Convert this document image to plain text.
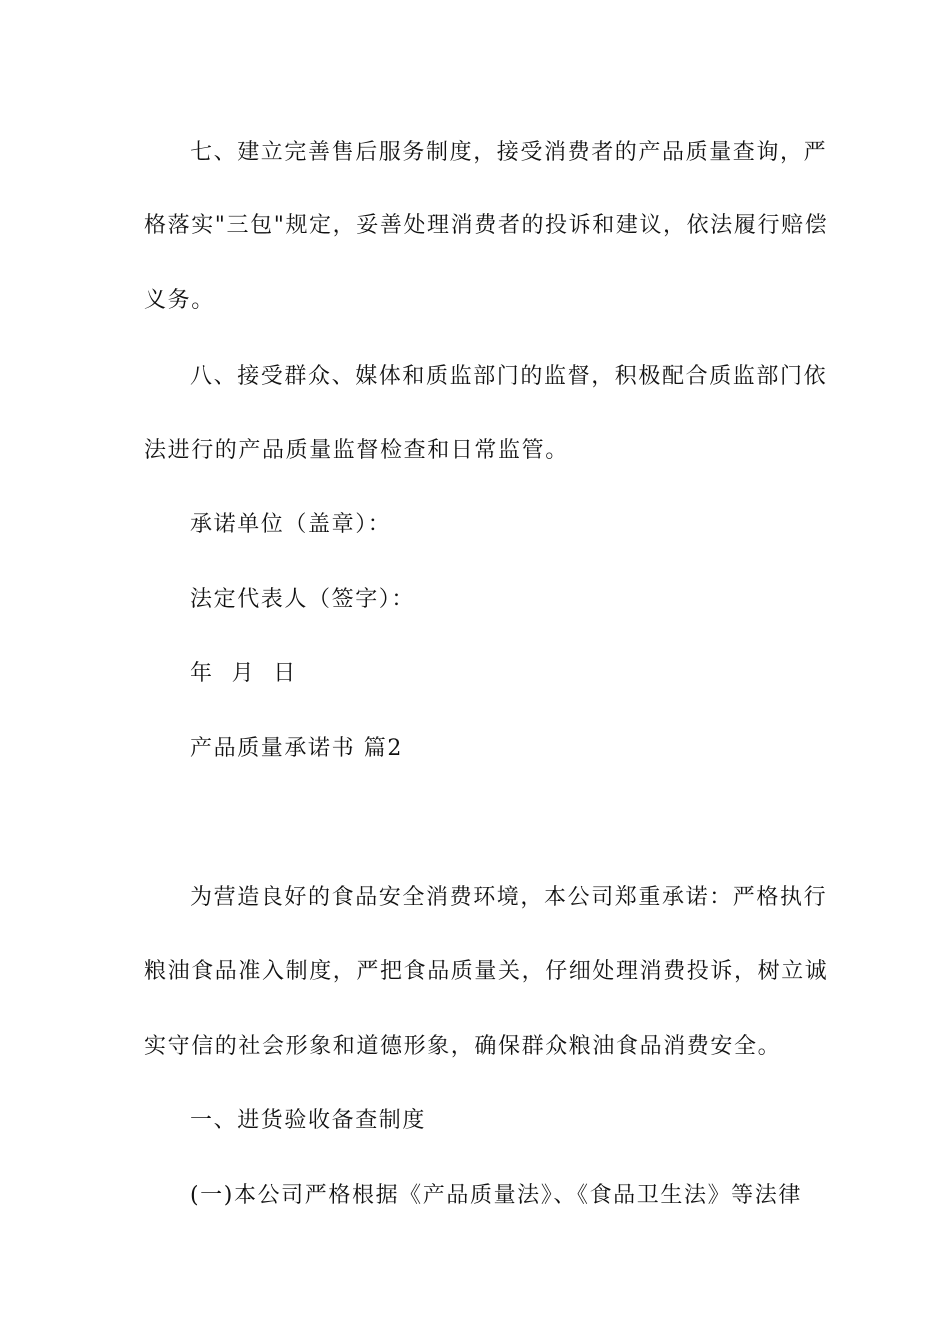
七、建立完善售后服务制度，接受消费者的产品质量查询，严
格落实"三包"规定，妥善处理消费者的投诉和建议，依法履行赔偿
义务。
八、接受群众、媒体和质监部门的监督，积极配合质监部门依
法进行的产品质量监督检查和日常监管。
承诺单位（盖章）：
法定代表人（签字）：
年 月 日
产品质量承诺书 篇2
为营造良好的食品安全消费环境，本公司郑重承诺：严格执行
粮油食品准入制度，严把食品质量关，仔细处理消费投诉，树立诚
实守信的社会形象和道德形象，确保群众粮油食品消费安全。
一、进货验收备查制度
(一)本公司严格根据《产品质量法》、《食品卫生法》等法律
